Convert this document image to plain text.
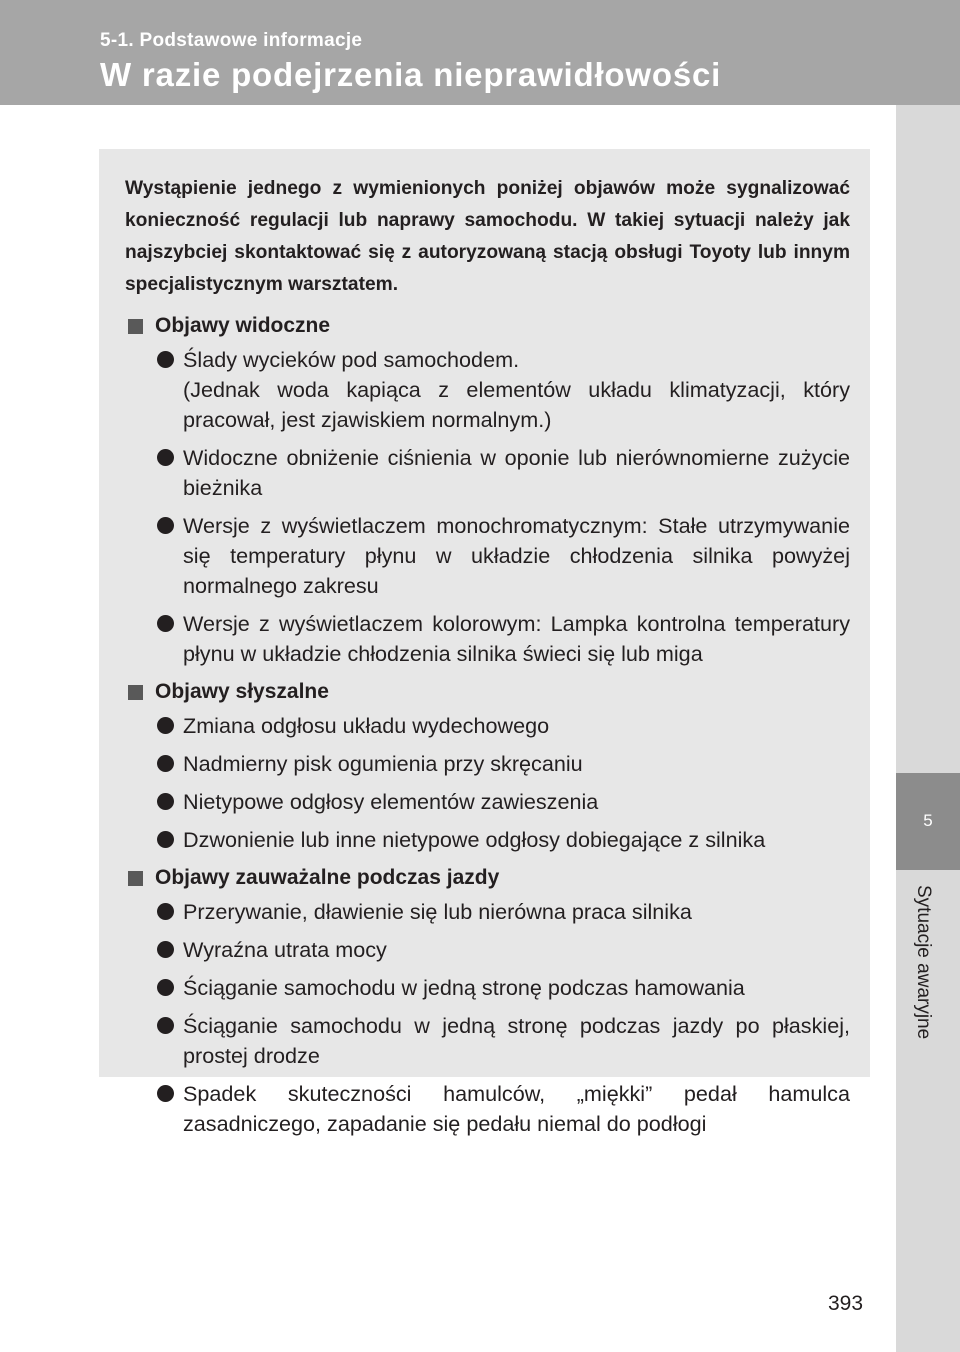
5-1. Podstawowe informacje
W razie podejrzenia nieprawidłowości
5
Sytuacje awaryjne

Wystąpienie jednego z wymienionych poniżej objawów może sygnalizować konieczność regulacji lub naprawy samochodu. W takiej sytuacji należy jak najszybciej skontaktować się z autoryzowaną stacją obsługi Toyoty lub innym specjalistycznym warsztatem.

Objawy widoczne
Ślady wycieków pod samochodem.
(Jednak woda kapiąca z elementów układu klimatyzacji, który pracował, jest zjawiskiem normalnym.)
Widoczne obniżenie ciśnienia w oponie lub nierównomierne zużycie bieżnika
Wersje z wyświetlaczem monochromatycznym: Stałe utrzymywanie się temperatury płynu w układzie chłodzenia silnika powyżej normalnego zakresu
Wersje z wyświetlaczem kolorowym: Lampka kontrolna temperatury płynu w układzie chłodzenia silnika świeci się lub miga
Objawy słyszalne
Zmiana odgłosu układu wydechowego
Nadmierny pisk ogumienia przy skręcaniu
Nietypowe odgłosy elementów zawieszenia
Dzwonienie lub inne nietypowe odgłosy dobiegające z silnika
Objawy zauważalne podczas jazdy
Przerywanie, dławienie się lub nierówna praca silnika
Wyraźna utrata mocy
Ściąganie samochodu w jedną stronę podczas hamowania
Ściąganie samochodu w jedną stronę podczas jazdy po płaskiej, prostej drodze
Spadek skuteczności hamulców, „miękki” pedał hamulca zasadniczego, zapadanie się pedału niemal do podłogi
393
